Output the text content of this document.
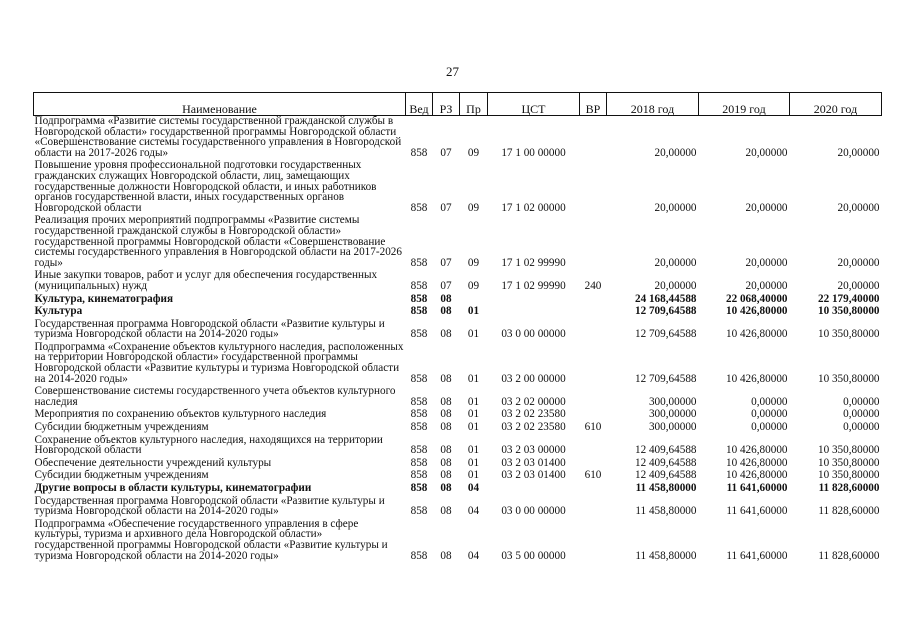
27
Наименование	Вед	РЗ	Пр	ЦСТ	ВР	2018 год	2019 год	2020 год
Подпрограмма «Развитие системы государственной гражданской службы в Новгородской области» государственной программы Новгородской области «Совершенствование системы государственного управления в Новгородской области на 2017-2026 годы»	858	07	09	17 1 00 00000		20,00000	20,00000	20,00000
Повышение уровня профессиональной подготовки государственных гражданских служащих Новгородской области, лиц, замещающих государственные должности Новгородской области, и иных работников органов государственной власти, иных государственных органов Новгородской области	858	07	09	17 1 02 00000		20,00000	20,00000	20,00000
Реализация прочих мероприятий подпрограммы «Развитие системы государственной гражданской службы в Новгородской области» государственной программы Новгородской области «Совершенствование системы государственного управления в Новгородской области на 2017-2026 годы»	858	07	09	17 1 02 99990		20,00000	20,00000	20,00000
Иные закупки товаров, работ и услуг для обеспечения государственных (муниципальных) нужд	858	07	09	17 1 02 99990	240	20,00000	20,00000	20,00000
Культура, кинематография	858	08				24 168,44588	22 068,40000	22 179,40000
Культура	858	08	01			12 709,64588	10 426,80000	10 350,80000
Государственная программа Новгородской области «Развитие культуры и туризма Новгородской области на 2014-2020 годы»	858	08	01	03 0 00 00000		12 709,64588	10 426,80000	10 350,80000
Подпрограмма «Сохранение объектов культурного наследия, расположенных на территории Новгородской области» государственной программы Новгородской области «Развитие культуры и туризма Новгородской области на 2014-2020 годы»	858	08	01	03 2 00 00000		12 709,64588	10 426,80000	10 350,80000
Совершенствование системы государственного учета объектов культурного наследия	858	08	01	03 2 02 00000		300,00000	0,00000	0,00000
Мероприятия по сохранению объектов культурного наследия	858	08	01	03 2 02 23580		300,00000	0,00000	0,00000
Субсидии бюджетным учреждениям	858	08	01	03 2 02 23580	610	300,00000	0,00000	0,00000
Сохранение объектов культурного наследия, находящихся на территории Новгородской области	858	08	01	03 2 03 00000		12 409,64588	10 426,80000	10 350,80000
Обеспечение деятельности учреждений культуры	858	08	01	03 2 03 01400		12 409,64588	10 426,80000	10 350,80000
Субсидии бюджетным учреждениям	858	08	01	03 2 03 01400	610	12 409,64588	10 426,80000	10 350,80000
Другие вопросы в области культуры, кинематографии	858	08	04			11 458,80000	11 641,60000	11 828,60000
Государственная программа Новгородской области «Развитие культуры и туризма Новгородской области на 2014-2020 годы»	858	08	04	03 0 00 00000		11 458,80000	11 641,60000	11 828,60000
Подпрограмма «Обеспечение государственного управления в сфере культуры, туризма и архивного дела Новгородской области» государственной программы Новгородской области «Развитие культуры и туризма Новгородской области на 2014-2020 годы»	858	08	04	03 5 00 00000		11 458,80000	11 641,60000	11 828,60000
